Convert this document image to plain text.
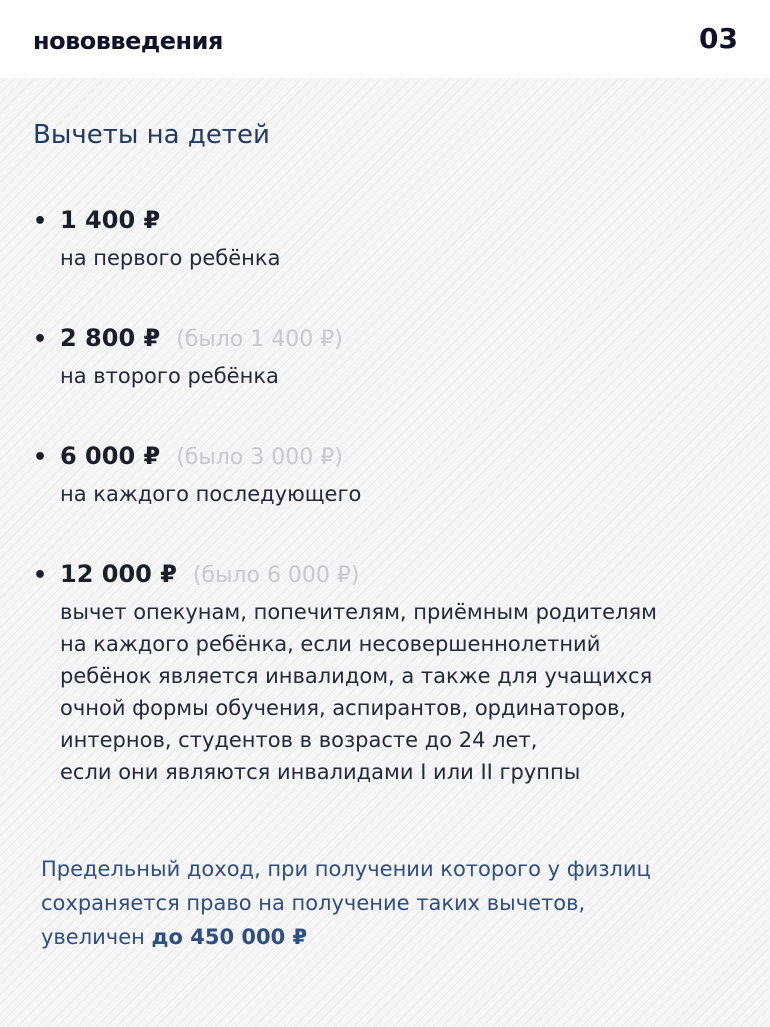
нововведения	03
Вычеты на детей
• 1 400 ₽
на первого ребёнка
• 2 800 ₽ (было 1 400 ₽)
на второго ребёнка
• 6 000 ₽ (было 3 000 ₽)
на каждого последующего
• 12 000 ₽ (было 6 000 ₽)
вычет опекунам, попечителям, приёмным родителям
на каждого ребёнка, если несовершеннолетний
ребёнок является инвалидом, а также для учащихся
очной формы обучения, аспирантов, ординаторов,
интернов, студентов в возрасте до 24 лет,
если они являются инвалидами I или II группы
Предельный доход, при получении которого у физлиц
сохраняется право на получение таких вычетов,
увеличен до 450 000 ₽
